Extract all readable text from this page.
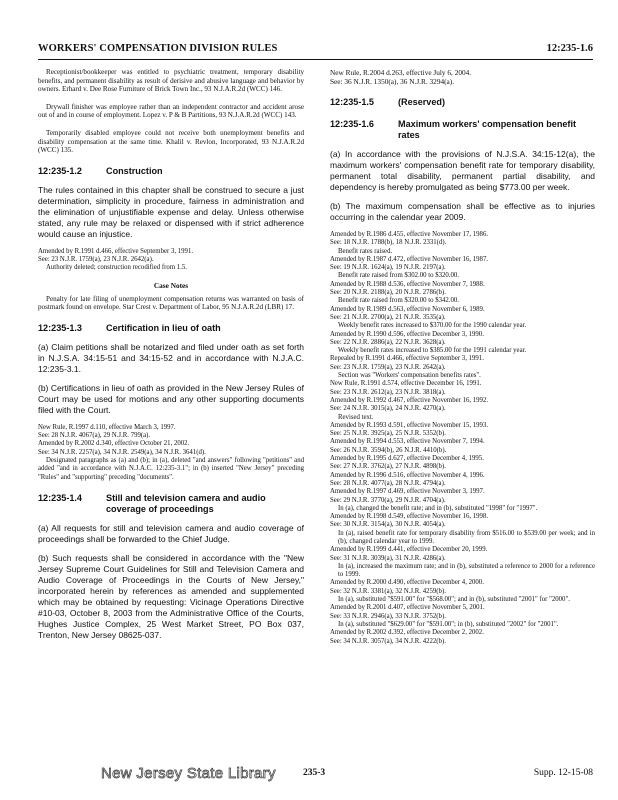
WORKERS' COMPENSATION DIVISION RULES	12:235-1.6

Receptionist/bookkeeper was entitled to psychiatric treatment, temporary disability benefits, and permanent disability as result of derisive and abusive language and behavior by owners. Erhard v. Dee Rose Furniture of Brick Town Inc., 93 N.J.A.R.2d (WCC) 146.

Drywall finisher was employee rather than an independent contractor and accident arose out of and in course of employment. Lopez v. P & B Partitions, 93 N.J.A.R.2d (WCC) 143.

Temporarily disabled employee could not receive both unemployment benefits and disability compensation at the same time. Khalil v. Revlon, Incorporated, 93 N.J.A.R.2d (WCC) 135.

12:235-1.2	Construction

The rules contained in this chapter shall be construed to secure a just determination, simplicity in procedure, fairness in administration and the elimination of unjustifiable expense and delay. Unless otherwise stated, any rule may be relaxed or dispensed with if strict adherence would cause an injustice.

Amended by R.1991 d.466, effective September 3, 1991.
See: 23 N.J.R. 1759(a), 23 N.J.R. 2642(a).
Authority deleted; construction recodified from 1.5.
Case Notes

Penalty for late filing of unemployment compensation returns was warranted on basis of postmark found on envelope. Star Crest v. Department of Labor, 95 N.J.A.R.2d (LBR) 17.

12:235-1.3	Certification in lieu of oath

(a) Claim petitions shall be notarized and filed under oath as set forth in N.J.S.A. 34:15-51 and 34:15-52 and in accordance with N.J.A.C. 12:235-3.1.

(b) Certifications in lieu of oath as provided in the New Jersey Rules of Court may be used for motions and any other supporting documents filed with the Court.

New Rule, R.1997 d.110, effective March 3, 1997.
See: 28 N.J.R. 4067(a), 29 N.J.R. 799(a).
Amended by R.2002 d.340, effective October 21, 2002.
See: 34 N.J.R. 2257(a), 34 N.J.R. 2549(a), 34 N.J.R. 3641(d).
Designated paragraphs as (a) and (b); in (a), deleted "and answers" following "petitions" and added "and in accordance with N.J.A.C. 12:235-3.1"; in (b) inserted "New Jersey" preceding "Rules" and "supporting" preceding "documents".
12:235-1.4	Still and television camera and audio coverage of proceedings

(a) All requests for still and television camera and audio coverage of proceedings shall be forwarded to the Chief Judge.

(b) Such requests shall be considered in accordance with the "New Jersey Supreme Court Guidelines for Still and Television Camera and Audio Coverage of Proceedings in the Courts of New Jersey," incorporated herein by references as amended and supplemented which may be obtained by requesting: Vicinage Operations Directive #10-03, October 8, 2003 from the Administrative Office of the Courts, Hughes Justice Complex, 25 West Market Street, PO Box 037, Trenton, New Jersey 08625-037.

New Rule, R.2004 d.263, effective July 6, 2004.
See: 36 N.J.R. 1350(a), 36 N.J.R. 3294(a).
12:235-1.5	(Reserved)
12:235-1.6	Maximum workers' compensation benefit rates

(a) In accordance with the provisions of N.J.S.A. 34:15-12(a), the maximum workers' compensation benefit rate for temporary disability, permanent total disability, permanent partial disability, and dependency is hereby promulgated as being $773.00 per week.

(b) The maximum compensation shall be effective as to injuries occurring in the calendar year 2009.

Amended by R.1986 d.455, effective November 17, 1986.
See: 18 N.J.R. 1788(b), 18 N.J.R. 2331(d).
Benefit rates raised.
Amended by R.1987 d.472, effective November 16, 1987.
See: 19 N.J.R. 1624(a), 19 N.J.R. 2197(a).
Benefit rate raised from $302.00 to $320.00.
Amended by R.1988 d.536, effective November 7, 1988.
See: 20 N.J.R. 2188(a), 20 N.J.R. 2786(b).
Benefit rate raised from $320.00 to $342.00.
Amended by R.1989 d.563, effective November 6, 1989.
See: 21 N.J.R. 2700(a), 21 N.J.R. 3535(a).
Weekly benefit rates increased to $370.00 for the 1990 calendar year.
Amended by R.1990 d.596, effective December 3, 1990.
See: 22 N.J.R. 2886(a), 22 N.J.R. 3628(a).
Weekly benefit rates increased to $385.00 for the 1991 calendar year.
Repealed by R.1991 d.466, effective September 3, 1991.
See: 23 N.J.R. 1759(a), 23 N.J.R. 2642(a).
Section was "Workers' compensation benefits rates".
New Rule, R.1991 d.574, effective December 16, 1991.
See: 23 N.J.R. 2612(a), 23 N.J.R. 3818(a).
Amended by R.1992 d.467, effective November 16, 1992.
See: 24 N.J.R. 3015(a), 24 N.J.R. 4270(a).
Revised text.
Amended by R.1993 d.591, effective November 15, 1993.
See: 25 N.J.R. 3925(a), 25 N.J.R. 5352(b).
Amended by R.1994 d.553, effective November 7, 1994.
See: 26 N.J.R. 3594(b), 26 N.J.R. 4410(b).
Amended by R.1995 d.627, effective December 4, 1995.
See: 27 N.J.R. 3762(a), 27 N.J.R. 4898(b).
Amended by R.1996 d.516, effective November 4, 1996.
See: 28 N.J.R. 4077(a), 28 N.J.R. 4794(a).
Amended by R.1997 d.469, effective November 3, 1997.
See: 29 N.J.R. 3770(a), 29 N.J.R. 4704(a).
In (a), changed the benefit rate; and in (b), substituted "1998" for "1997".
Amended by R.1998 d.549, effective November 16, 1998.
See: 30 N.J.R. 3154(a), 30 N.J.R. 4054(a).
In (a), raised benefit rate for temporary disability from $516.00 to $539.00 per week; and in (b), changed calendar year to 1999.
Amended by R.1999 d.441, effective December 20, 1999.
See: 31 N.J.R. 3039(a), 31 N.J.R. 4286(a).
In (a), increased the maximum rate; and in (b), substituted a reference to 2000 for a reference to 1999.
Amended by R.2000 d.490, effective December 4, 2000.
See: 32 N.J.R. 3381(a), 32 N.J.R. 4259(b).
In (a), substituted "$591.00" for "$568.00"; and in (b), substituted "2001" for "2000".
Amended by R.2001 d.407, effective November 5, 2001.
See: 33 N.J.R. 2946(a), 33 N.J.R. 3752(b).
In (a), substituted "$629.00" for "$591.00"; in (b), substituted "2002" for "2001".
Amended by R.2002 d.392, effective December 2, 2002.
See: 34 N.J.R. 3057(a), 34 N.J.R. 4222(b).
New Jersey State Library	235-3	Supp. 12-15-08
